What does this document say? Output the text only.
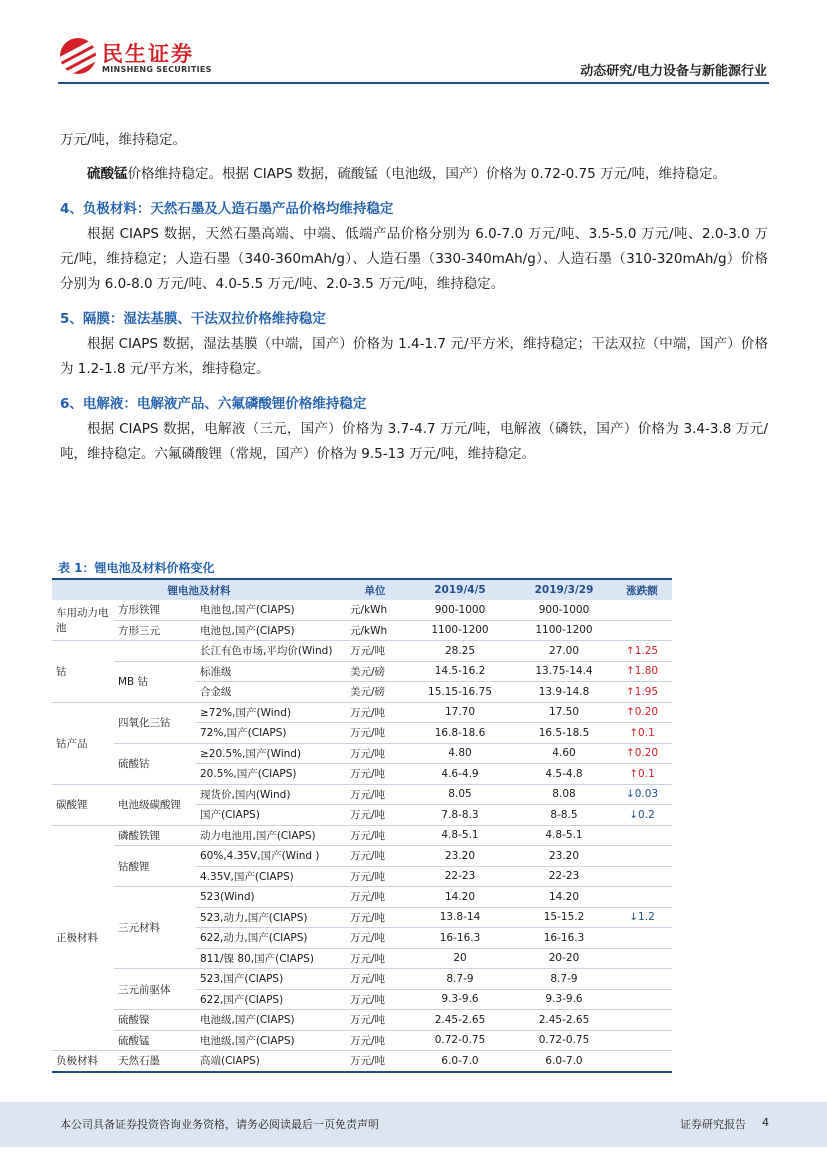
民生证券
MINSHENG SECURITIES	动态研究/电力设备与新能源行业

万元/吨，维持稳定。

硫酸锰价格维持稳定。根据 CIAPS 数据，硫酸锰（电池级，国产）价格为 0.72-0.75 万元/吨，维持稳定。

4、负极材料：天然石墨及人造石墨产品价格均维持稳定

根据 CIAPS 数据，天然石墨高端、中端、低端产品价格分别为 6.0-7.0 万元/吨、3.5-5.0 万元/吨、2.0-3.0 万元/吨，维持稳定；人造石墨（340-360mAh/g）、人造石墨（330-340mAh/g）、人造石墨（310-320mAh/g）价格分别为 6.0-8.0 万元/吨、4.0-5.5 万元/吨、2.0-3.5 万元/吨，维持稳定。

5、隔膜：湿法基膜、干法双拉价格维持稳定

根据 CIAPS 数据，湿法基膜（中端，国产）价格为 1.4-1.7 元/平方米，维持稳定；干法双拉（中端，国产）价格为 1.2-1.8 元/平方米，维持稳定。

6、电解液：电解液产品、六氟磷酸锂价格维持稳定

根据 CIAPS 数据，电解液（三元，国产）价格为 3.7-4.7 万元/吨，电解液（磷铁，国产）价格为 3.4-3.8 万元/吨，维持稳定。六氟磷酸锂（常规，国产）价格为 9.5-13 万元/吨，维持稳定。

表 1：锂电池及材料价格变化
锂电池及材料			单位	2019/4/5	2019/3/29	涨跌额
车用动力电池	方形铁锂	电池包,国产(CIAPS)	元/kWh	900-1000	900-1000	
	方形三元	电池包,国产(CIAPS)	元/kWh	1100-1200	1100-1200	
钴		长江有色市场,平均价(Wind)	万元/吨	28.25	27.00	↑1.25
	MB 钴	标准级	美元/磅	14.5-16.2	13.75-14.4	↑1.80
		合金级	美元/磅	15.15-16.75	13.9-14.8	↑1.95
钴产品	四氧化三钴	≥72%,国产(Wind)	万元/吨	17.70	17.50	↑0.20
		72%,国产(CIAPS)	万元/吨	16.8-18.6	16.5-18.5	↑0.1
	硫酸钴	≥20.5%,国产(Wind)	万元/吨	4.80	4.60	↑0.20
		20.5%,国产(CIAPS)	万元/吨	4.6-4.9	4.5-4.8	↑0.1
碳酸锂	电池级碳酸锂	现货价,国内(Wind)	万元/吨	8.05	8.08	↓0.03
		国产(CIAPS)	万元/吨	7.8-8.3	8-8.5	↓0.2
正极材料	磷酸铁锂	动力电池用,国产(CIAPS)	万元/吨	4.8-5.1	4.8-5.1	
	钴酸锂	60%,4.35V,国产(Wind )	万元/吨	23.20	23.20	
		4.35V,国产(CIAPS)	万元/吨	22-23	22-23	
	三元材料	523(Wind)	万元/吨	14.20	14.20	
		523,动力,国产(CIAPS)	万元/吨	13.8-14	15-15.2	↓1.2
		622,动力,国产(CIAPS)	万元/吨	16-16.3	16-16.3	
		811/镍 80,国产(CIAPS)	万元/吨	20	20-20	
	三元前驱体	523,国产(CIAPS)	万元/吨	8.7-9	8.7-9	
		622,国产(CIAPS)	万元/吨	9.3-9.6	9.3-9.6	
	硫酸镍	电池级,国产(CIAPS)	万元/吨	2.45-2.65	2.45-2.65	
	硫酸锰	电池级,国产(CIAPS)	万元/吨	0.72-0.75	0.72-0.75	
负极材料	天然石墨	高端(CIAPS)	万元/吨	6.0-7.0	6.0-7.0	
本公司具备证券投资咨询业务资格，请务必阅读最后一页免责声明	证券研究报告 4
